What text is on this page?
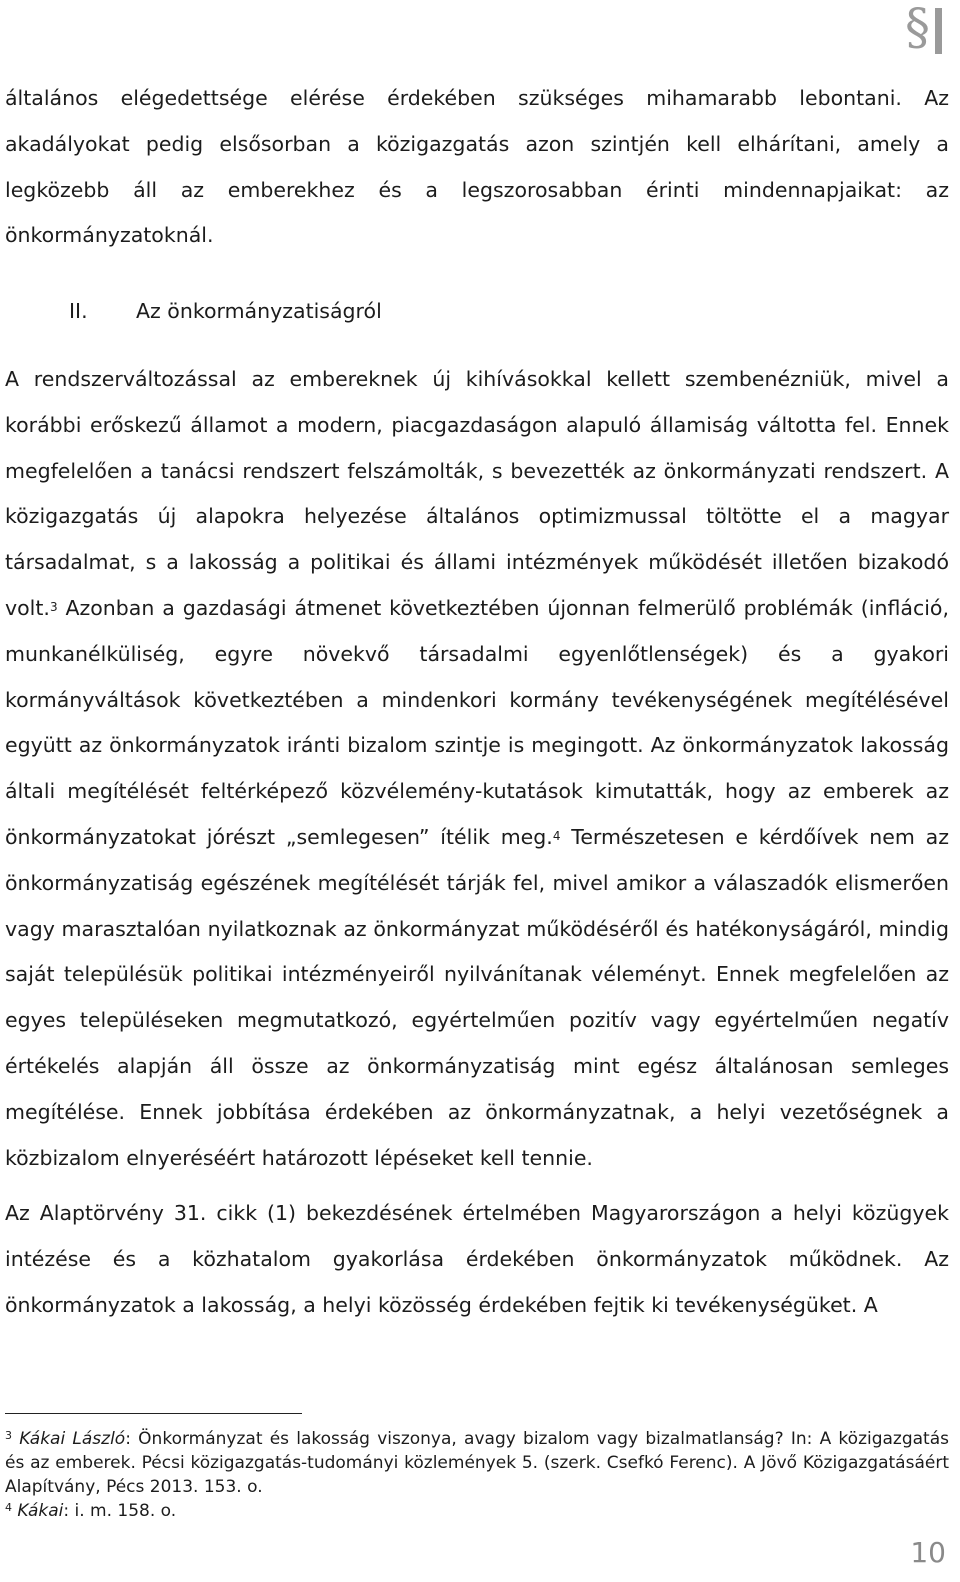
§

általános elégedettsége elérése érdekében szükséges mihamarabb lebontani. Az akadályokat pedig elsősorban a közigazgatás azon szintjén kell elhárítani, amely a legközebb áll az emberekhez és a legszorosabban érinti mindennapjaikat: az önkormányzatoknál.

II. Az önkormányzatiságról

A rendszerváltozással az embereknek új kihívásokkal kellett szembenézniük, mivel a korábbi erőskezű államot a modern, piacgazdaságon alapuló államiság váltotta fel. Ennek megfelelően a tanácsi rendszert felszámolták, s bevezették az önkormányzati rendszert. A közigazgatás új alapokra helyezése általános optimizmussal töltötte el a magyar társadalmat, s a lakosság a politikai és állami intézmények működését illetően bizakodó volt.$^3$ Azonban a gazdasági átmenet következtében újonnan felmerülő problémák (infláció, munkanélküliség, egyre növekvő társadalmi egyenlőtlenségek) és a gyakori kormányváltások következtében a mindenkori kormány tevékenységének megítélésével együtt az önkormányzatok iránti bizalom szintje is megingott. Az önkormányzatok lakosság általi megítélését feltérképező közvélemény-kutatások kimutatták, hogy az emberek az önkormányzatokat jórészt „semlegesen” ítélik meg.$^4$ Természetesen e kérdőívek nem az önkormányzatiság egészének megítélését tárják fel, mivel amikor a válaszadók elismerően vagy marasztalóan nyilatkoznak az önkormányzat működéséről és hatékonyságáról, mindig saját településük politikai intézményeiről nyilvánítanak véleményt. Ennek megfelelően az egyes településeken megmutatkozó, egyértelműen pozitív vagy egyértelműen negatív értékelés alapján áll össze az önkormányzatiság mint egész általánosan semleges megítélése. Ennek jobbítása érdekében az önkormányzatnak, a helyi vezetőségnek a közbizalom elnyeréséért határozott lépéseket kell tennie.

Az Alaptörvény 31. cikk (1) bekezdésének értelmében Magyarországon a helyi közügyek intézése és a közhatalom gyakorlása érdekében önkormányzatok működnek. Az önkormányzatok a lakosság, a helyi közösség érdekében fejtik ki tevékenységüket. A

$^3$ Kákai László: Önkormányzat és lakosság viszonya, avagy bizalom vagy bizalmatlanság? In: A közigazgatás és az emberek. Pécsi közigazgatás-tudományi közlemények 5. (szerk. Csefkó Ferenc). A Jövő Közigazgatásáért Alapítvány, Pécs 2013. 153. o.

$^4$ Kákai: i. m. 158. o.

10
